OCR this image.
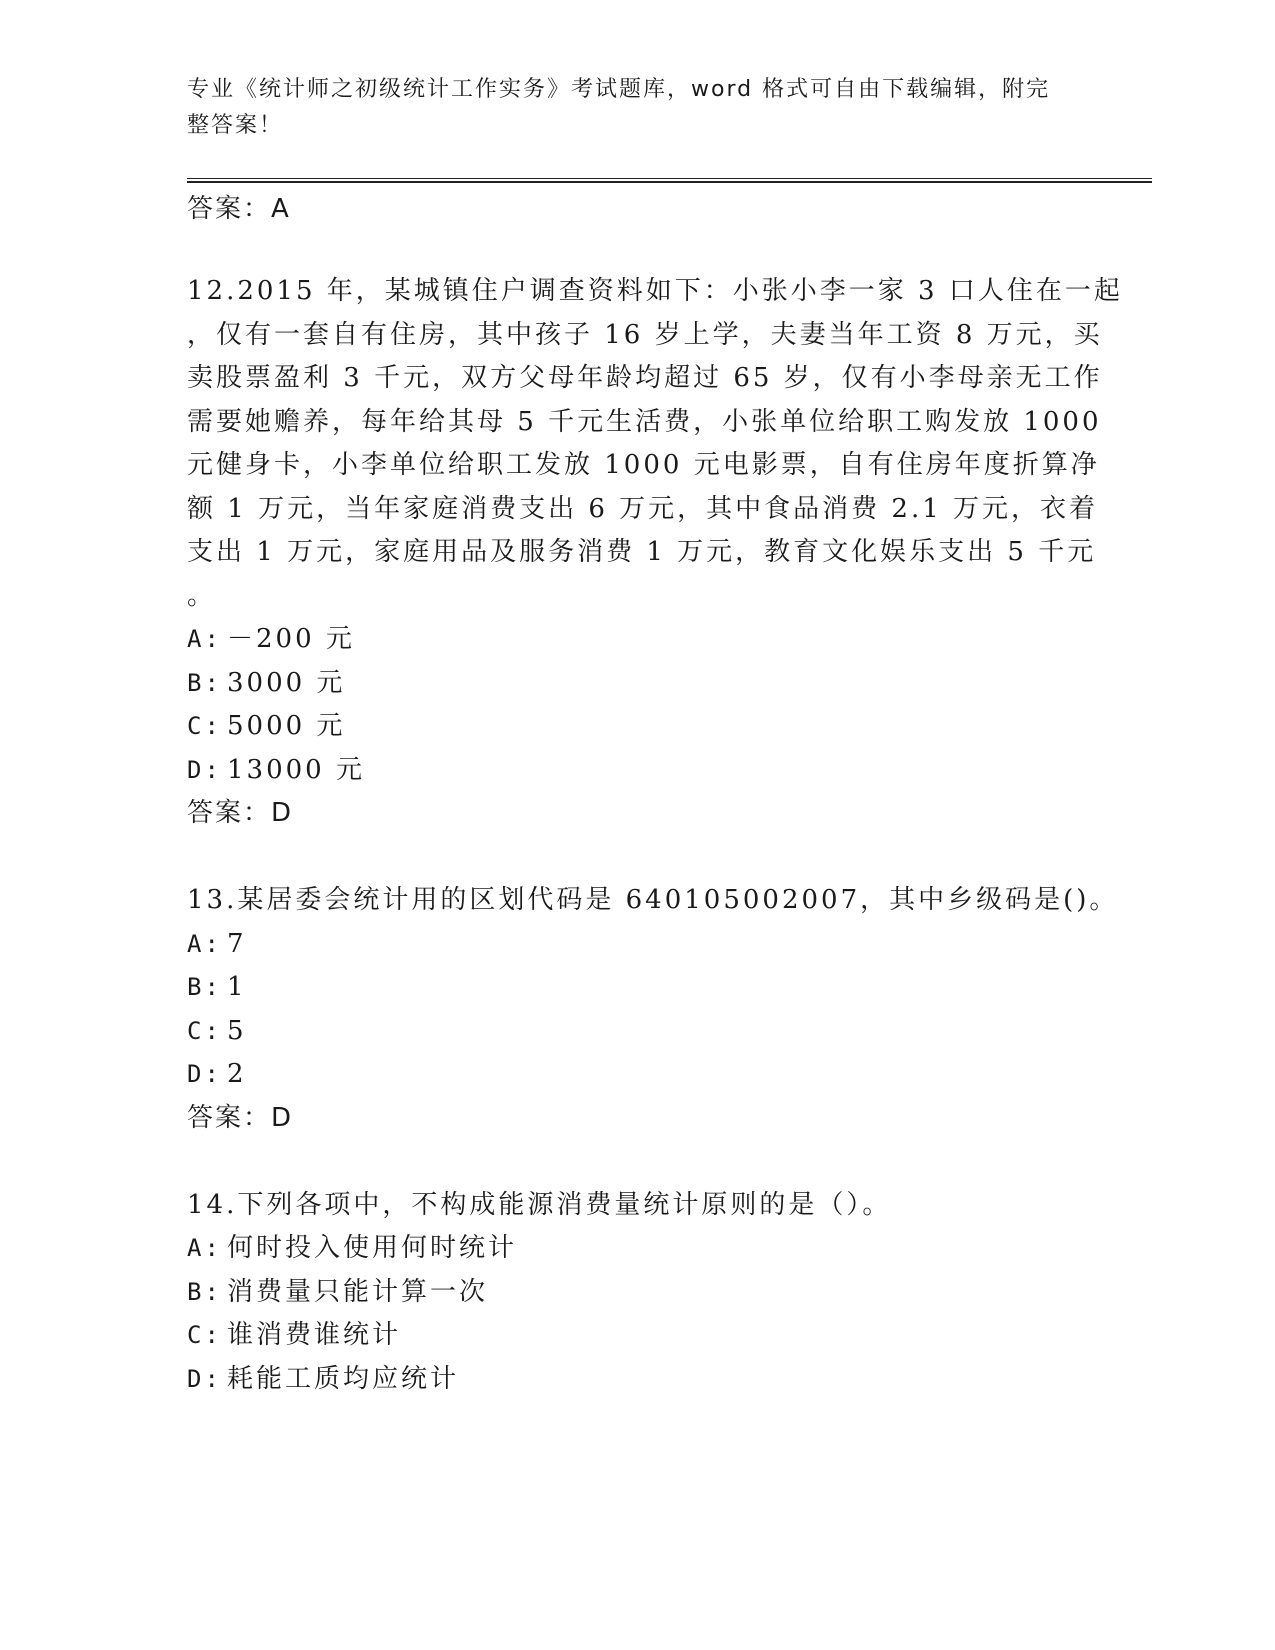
专业《统计师之初级统计工作实务》考试题库，word 格式可自由下载编辑，附完
整答案！
答案：A
12.2015 年，某城镇住户调查资料如下：小张小李一家 3 口人住在一起
，仅有一套自有住房，其中孩子 16 岁上学，夫妻当年工资 8 万元，买
卖股票盈利 3 千元，双方父母年龄均超过 65 岁，仅有小李母亲无工作
需要她赡养，每年给其母 5 千元生活费，小张单位给职工购发放 1000
元健身卡，小李单位给职工发放 1000 元电影票，自有住房年度折算净
额 1 万元，当年家庭消费支出 6 万元，其中食品消费 2.1 万元，衣着
支出 1 万元，家庭用品及服务消费 1 万元，教育文化娱乐支出 5 千元
。
A: －200 元
B: 3000 元
C: 5000 元
D: 13000 元
答案：D
13.某居委会统计用的区划代码是 640105002007，其中乡级码是()。
A: 7
B: 1
C: 5
D: 2
答案：D
14.下列各项中，不构成能源消费量统计原则的是（）。
A: 何时投入使用何时统计
B: 消费量只能计算一次
C: 谁消费谁统计
D: 耗能工质均应统计
